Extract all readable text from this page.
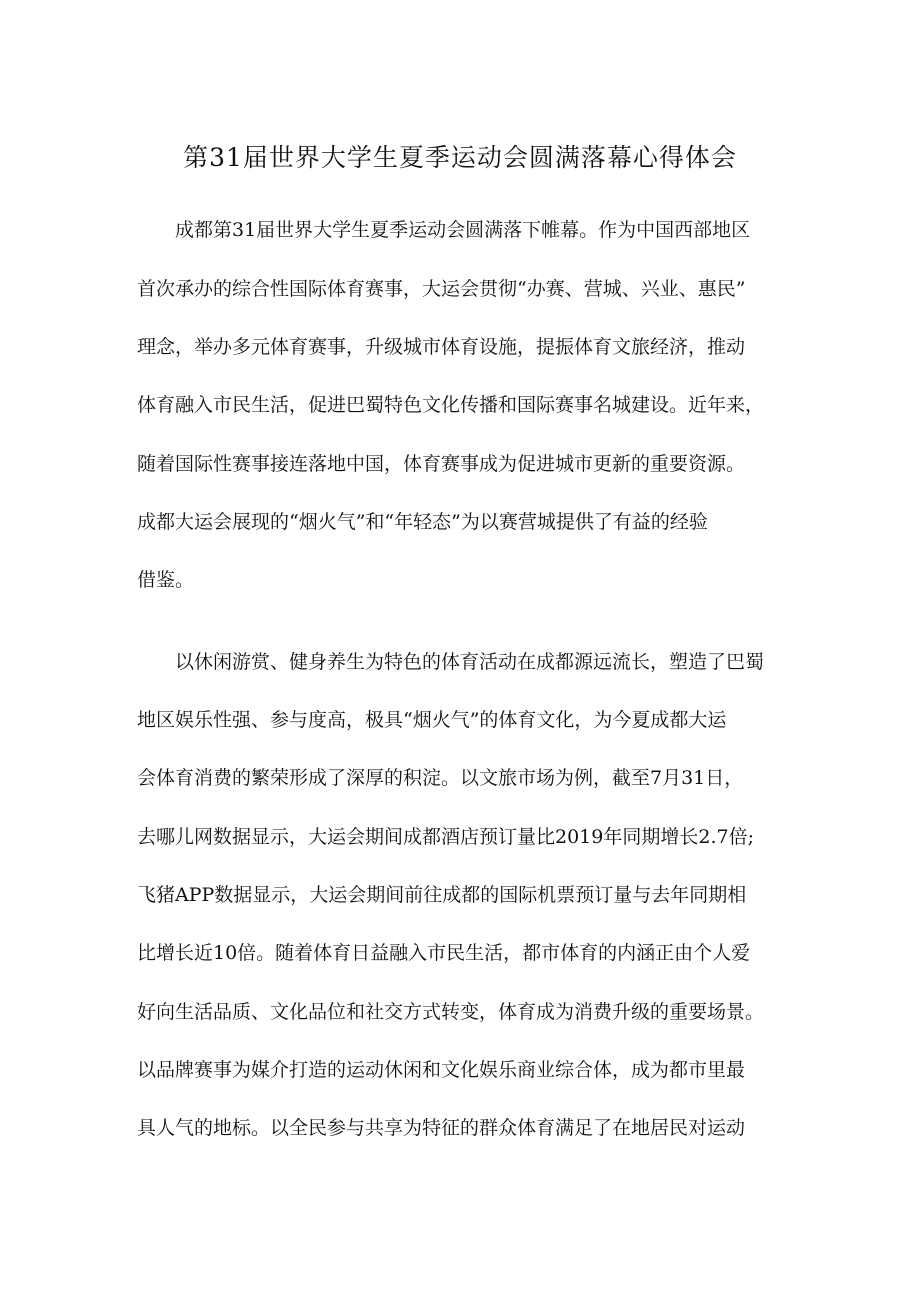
第31届世界大学生夏季运动会圆满落幕心得体会

成都第31届世界大学生夏季运动会圆满落下帷幕。作为中国西部地区

首次承办的综合性国际体育赛事，大运会贯彻“办赛、营城、兴业、惠民”

理念，举办多元体育赛事，升级城市体育设施，提振体育文旅经济，推动

体育融入市民生活，促进巴蜀特色文化传播和国际赛事名城建设。近年来，

随着国际性赛事接连落地中国，体育赛事成为促进城市更新的重要资源。

成都大运会展现的“烟火气”和“年轻态”为以赛营城提供了有益的经验

借鉴。

以休闲游赏、健身养生为特色的体育活动在成都源远流长，塑造了巴蜀

地区娱乐性强、参与度高，极具“烟火气”的体育文化，为今夏成都大运

会体育消费的繁荣形成了深厚的积淀。以文旅市场为例，截至7月31日，

去哪儿网数据显示，大运会期间成都酒店预订量比2019年同期增长2.7倍;

飞猪APP数据显示，大运会期间前往成都的国际机票预订量与去年同期相

比增长近10倍。随着体育日益融入市民生活，都市体育的内涵正由个人爱

好向生活品质、文化品位和社交方式转变，体育成为消费升级的重要场景。

以品牌赛事为媒介打造的运动休闲和文化娱乐商业综合体，成为都市里最

具人气的地标。以全民参与共享为特征的群众体育满足了在地居民对运动
